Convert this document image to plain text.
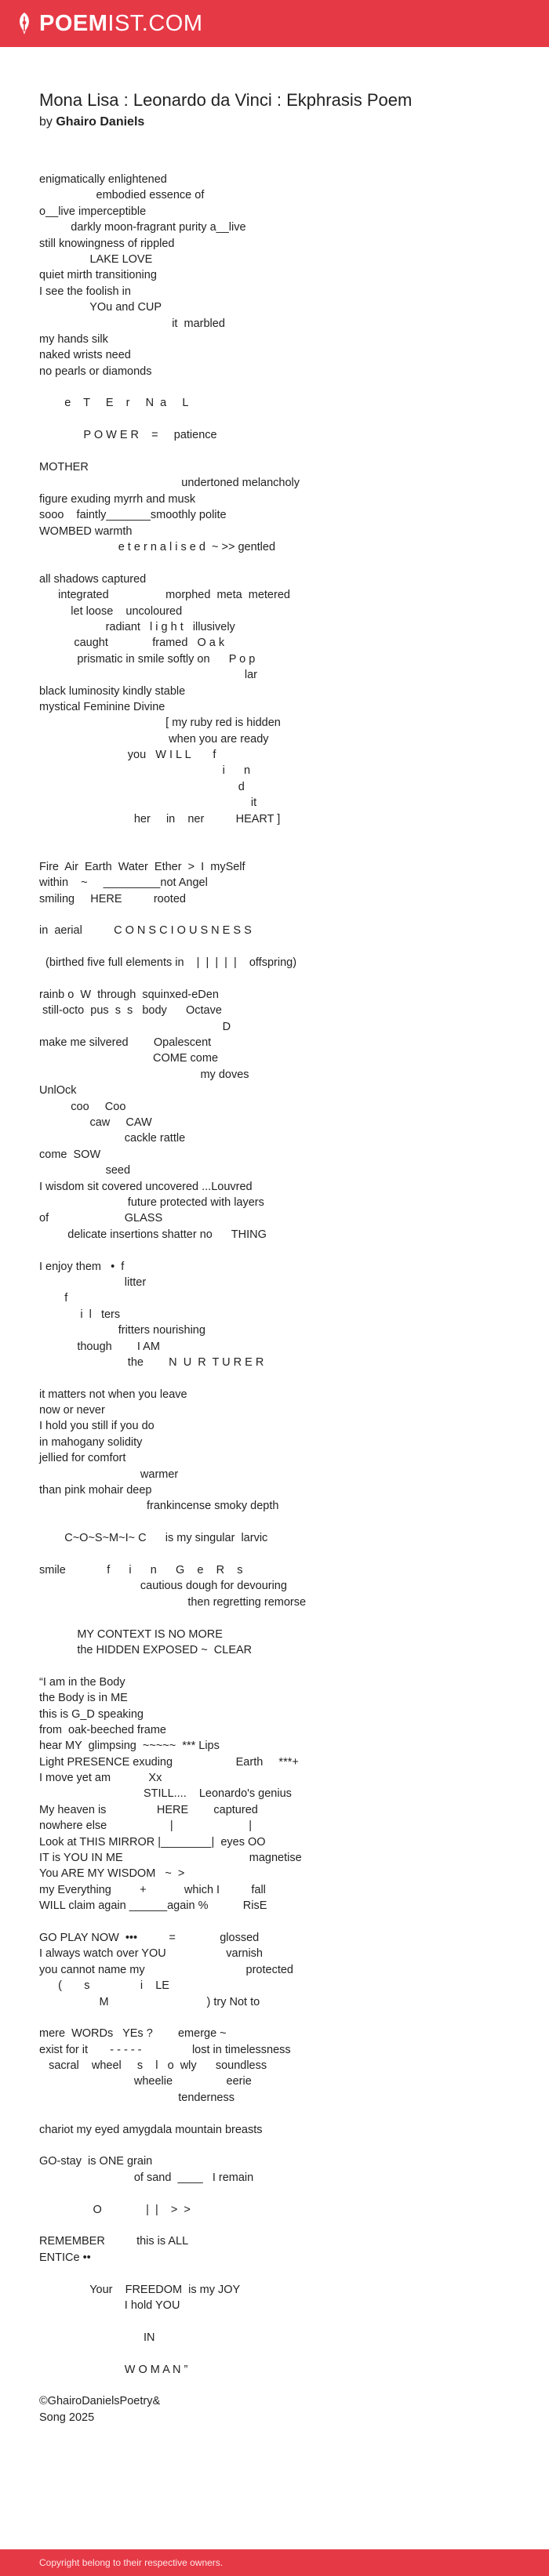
POEMIST.COM
Mona Lisa : Leonardo da Vinci : Ekphrasis Poem
by Ghairo Daniels
enigmatically enlightened
embodied essence of
o__live imperceptible
darkly moon-fragrant purity a__live
still knowingness of rippled
LAKE LOVE
quiet mirth transitioning
I see the foolish in
YOu and CUP
it  marbled
my hands silk
naked wrists need
no pearls or diamonds
e    T     E    r     N  a     L
P O W E R    =     patience
MOTHER
undertoned melancholy
figure exuding myrrh and musk
sooo    faintly_______smoothly polite
WOMBED warmth
e t e r n a l i s e d  ~ >> gentled
all shadows captured
integrated                  morphed  meta  metered
let loose    uncoloured
radiant   l i g h t   illusively
caught              framed   O a k
prismatic in smile softly on      P o p
lar
black luminosity kindly stable
mystical Feminine Divine
[ my ruby red is hidden
when you are ready
you   W I L L       f
i      n
d
it
her     in    ner          HEART ]
Fire  Air  Earth  Water  Ether  >  I  mySelf
within    ~     _________not Angel
smiling     HERE          rooted
in  aerial          C O N S C I O U S N E S S
(birthed five full elements in    |  |  |  |  |    offspring)
rainb o  W  through  squinxed-eDen
still-octo  pus  s  s   body      Octave
D
make me silvered        Opalescent
COME come
my doves
UnlOck
coo     Coo
caw     CAW
cackle rattle
come  SOW
seed
I wisdom sit covered uncovered ...Louvred
future protected with layers
of                        GLASS
delicate insertions shatter no      THING
I enjoy them   •  f
litter
f
i  l   ters
fritters nourishing
though        I AM
the        N  U  R  T U R E R
it matters not when you leave
now or never
I hold you still if you do
in mahogany solidity
jellied for comfort
warmer
than pink mohair deep
frankincense smoky depth
C~O~S~M~I~ C      is my singular  larvic
smile             f      i      n      G    e    R    s
cautious dough for devouring
then regretting remorse
MY CONTEXT IS NO MORE
the HIDDEN EXPOSED ~  CLEAR
“I am in the Body
the Body is in ME
this is G_D speaking
from  oak-beeched frame
hear MY  glimpsing  ~~~~~  *** Lips
Light PRESENCE exuding                    Earth     ***+
I move yet am            Xx
STILL....    Leonardo's genius
My heaven is                HERE        captured
nowhere else                    |                        |
Look at THIS MIRROR |________|  eyes OO
IT is YOU IN ME                                        magnetise
You ARE MY WISDOM   ~  >
my Everything         +            which I          fall
WILL claim again ______again %           RisE
GO PLAY NOW  •••          =              glossed
I always watch over YOU                   varnish
you cannot name my                                protected
(       s                i    LE
M                               ) try Not to
mere  WORDs   YEs ?        emerge ~
exist for it       - - - - -                lost in timelessness
sacral    wheel     s    l   o  wly      soundless
wheelie                 eerie
tenderness
chariot my eyed amygdala mountain breasts
GO-stay  is ONE grain
of sand  ____   I remain
O              |  |    >  >
REMEMBER          this is ALL
ENTICe ••
Your    FREEDOM  is my JOY
I hold YOU
IN
W O M A N ”
©GhairoDanielsPoetry&
Song 2025
Copyright belong to their respective owners.
